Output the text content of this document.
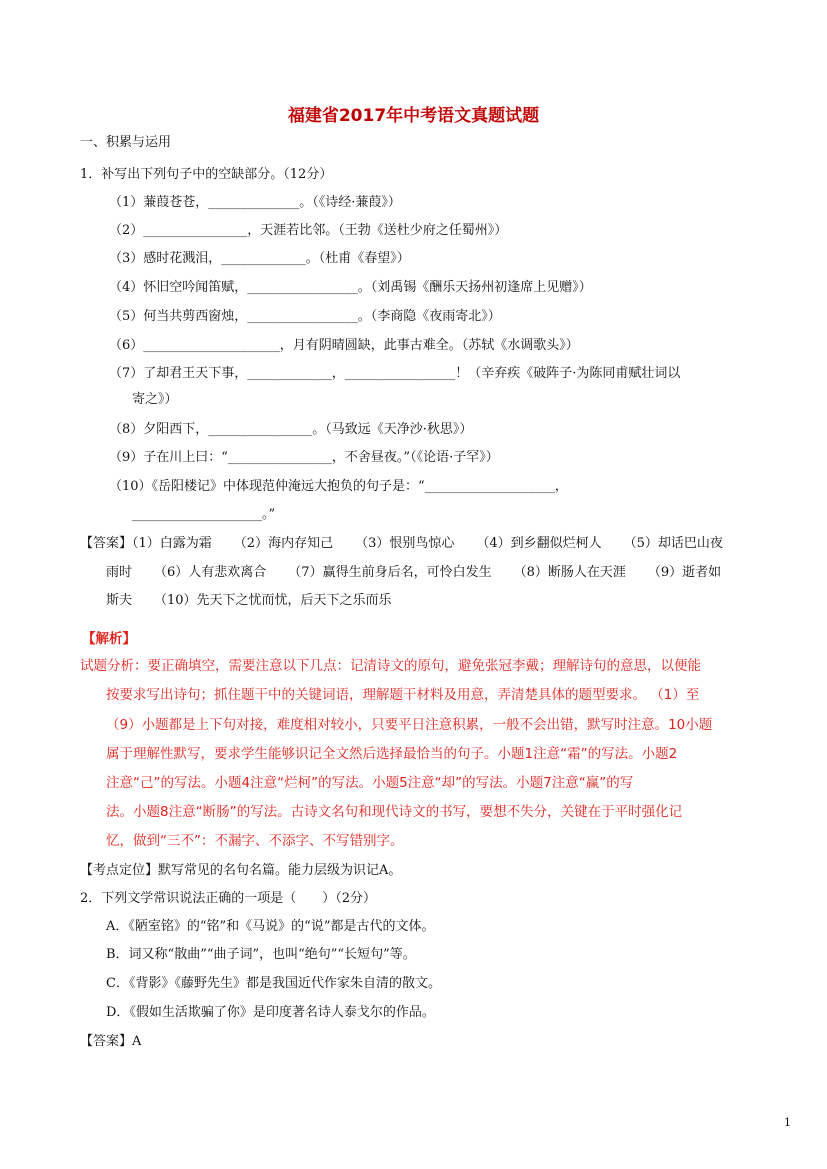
福建省2017年中考语文真题试题
一、积累与运用
1．补写出下列句子中的空缺部分。（12分）
（1）蒹葭苍苍，______________。（《诗经·蒹葭》）
（2）________________，天涯若比邻。（王勃《送杜少府之任蜀州》）
（3）感时花溅泪，_____________。（杜甫《春望》）
（4）怀旧空吟闻笛赋，_________________。（刘禹锡《酬乐天扬州初逢席上见赠》）
（5）何当共剪西窗烛，_________________。（李商隐《夜雨寄北》）
（6）_____________________，月有阴晴圆缺，此事古难全。（苏轼《水调歌头》）
（7）了却君王天下事，_____________，_________________！（辛弃疾《破阵子·为陈同甫赋壮词以
寄之》）
（8）夕阳西下，________________。（马致远《天净沙·秋思》）
（9）子在川上曰：“________________，不舍昼夜。”（《论语·子罕》）
（10）《岳阳楼记》中体现范仲淹远大抱负的句子是：“____________________，
____________________。”
【答案】（1）白露为霜 （2）海内存知己 （3）恨别鸟惊心 （4）到乡翻似烂柯人 （5）却话巴山夜
雨时 （6）人有悲欢离合 （7）赢得生前身后名，可怜白发生 （8）断肠人在天涯 （9）逝者如
斯夫 （10）先天下之忧而忧，后天下之乐而乐
【解析】
试题分析：要正确填空，需要注意以下几点：记清诗文的原句，避免张冠李戴；理解诗句的意思，以便能
按要求写出诗句；抓住题干中的关键词语，理解题干材料及用意，弄清楚具体的题型要求。 （1）至
（9）小题都是上下句对接，难度相对较小，只要平日注意积累，一般不会出错，默写时注意。10小题
属于理解性默写，要求学生能够识记全文然后选择最恰当的句子。小题1注意“霜”的写法。小题2
注意“己”的写法。小题4注意“烂柯”的写法。小题5注意“却”的写法。小题7注意“赢”的写
法。小题8注意“断肠”的写法。古诗文名句和现代诗文的书写，要想不失分，关键在于平时强化记
忆，做到“三不”：不漏字、不添字、不写错别字。
【考点定位】默写常见的名句名篇。能力层级为识记A。
2．下列文学常识说法正确的一项是（　　）（2分）
A．《陋室铭》的“铭”和《马说》的“说”都是古代的文体。
B．词又称“散曲”“曲子词”，也叫“绝句”“长短句”等。
C．《背影》《藤野先生》都是我国近代作家朱自清的散文。
D．《假如生活欺骗了你》是印度著名诗人泰戈尔的作品。
【答案】A
1
